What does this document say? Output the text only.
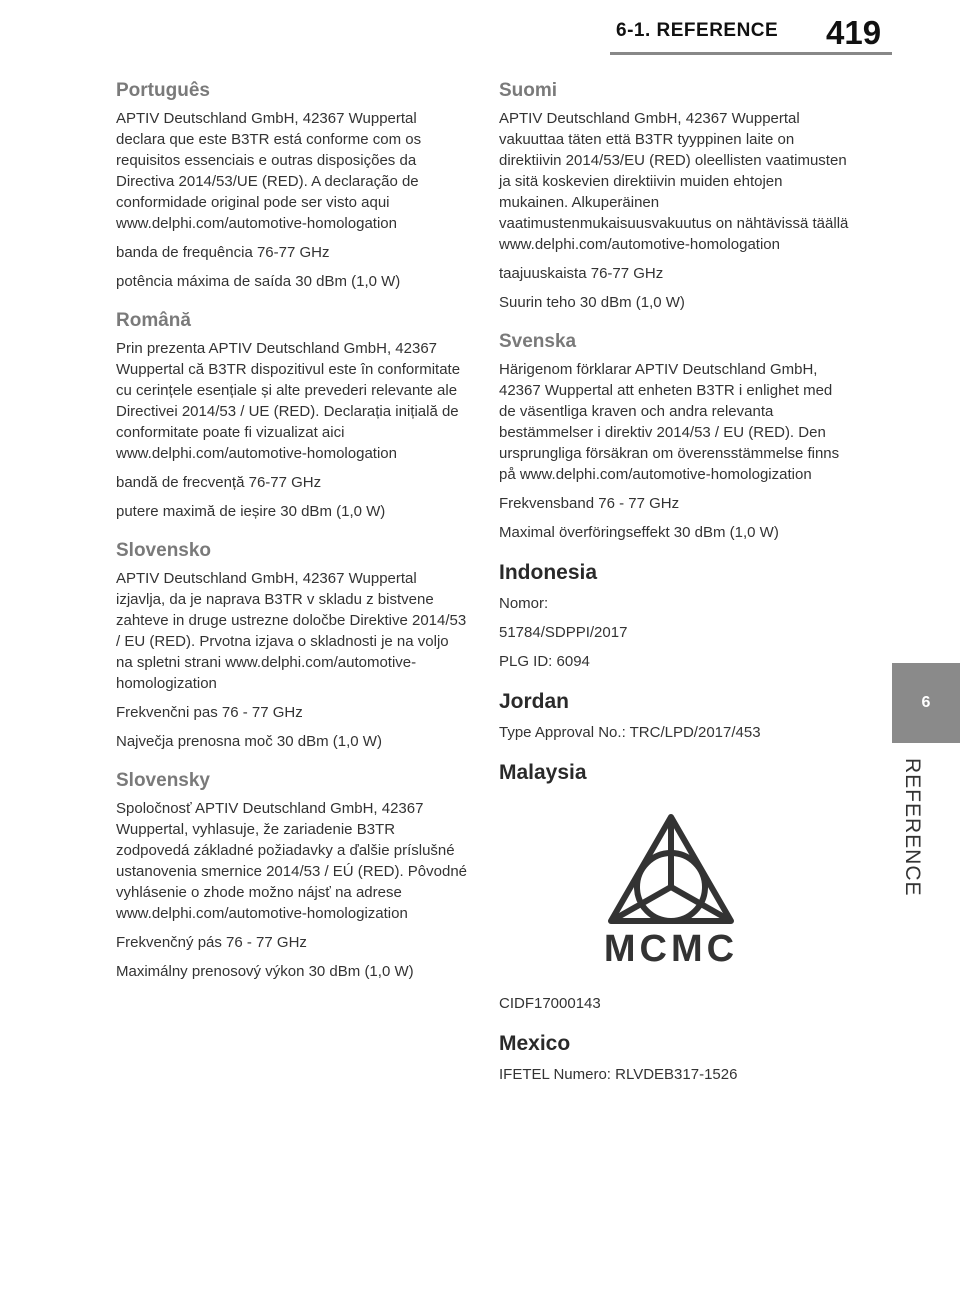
6-1. REFERENCE 419
6
REFERENCE
Português

APTIV Deutschland GmbH, 42367 Wuppertal declara que este B3TR está conforme com os requisitos essenciais e outras disposições da Directiva 2014/53/UE (RED). A declaração de conformidade original pode ser visto aqui www.delphi.com/automotive-homologation

banda de frequência 76-77 GHz

potência máxima de saída 30 dBm (1,0 W)

Română

Prin prezenta APTIV Deutschland GmbH, 42367 Wuppertal că B3TR dispozitivul este în conformitate cu cerințele esențiale și alte prevederi relevante ale Directivei 2014/53 / UE (RED). Declarația inițială de conformitate poate fi vizualizat aici www.delphi.com/automotive-homologation

bandă de frecvență 76-77 GHz

putere maximă de ieșire 30 dBm (1,0 W)

Slovensko

APTIV Deutschland GmbH, 42367 Wuppertal izjavlja, da je naprava B3TR v skladu z bistvene zahteve in druge ustrezne določbe Direktive 2014/53 / EU (RED). Prvotna izjava o skladnosti je na voljo na spletni strani www.delphi.com/automotive-homologization

Frekvenčni pas 76 - 77 GHz

Največja prenosna moč 30 dBm (1,0 W)

Slovensky

Spoločnosť APTIV Deutschland GmbH, 42367 Wuppertal, vyhlasuje, že zariadenie B3TR zodpovedá základné požiadavky a ďalšie príslušné ustanovenia smernice 2014/53 / EÚ (RED). Pôvodné vyhlásenie o zhode možno nájsť na adrese www.delphi.com/automotive-homologization

Frekvenčný pás 76 - 77 GHz

Maximálny prenosový výkon 30 dBm (1,0 W)

Suomi

APTIV Deutschland GmbH, 42367 Wuppertal vakuuttaa täten että B3TR tyyppinen laite on direktiivin 2014/53/EU (RED) oleellisten vaatimusten ja sitä koskevien direktiivin muiden ehtojen mukainen. Alkuperäinen vaatimustenmukaisuusvakuutus on nähtävissä täällä www.delphi.com/automotive-homologation

taajuuskaista 76-77 GHz

Suurin teho 30 dBm (1,0 W)

Svenska

Härigenom förklarar APTIV Deutschland GmbH, 42367 Wuppertal att enheten B3TR i enlighet med de väsentliga kraven och andra relevanta bestämmelser i direktiv 2014/53 / EU (RED). Den ursprungliga försäkran om överensstämmelse finns på www.delphi.com/automotive-homologization

Frekvensband 76 - 77 GHz

Maximal överföringseffekt 30 dBm (1,0 W)

Indonesia

Nomor:

51784/SDPPI/2017

PLG ID: 6094

Jordan

Type Approval No.: TRC/LPD/2017/453

Malaysia
MCMC

CIDF17000143

Mexico

IFETEL Numero: RLVDEB317-1526
